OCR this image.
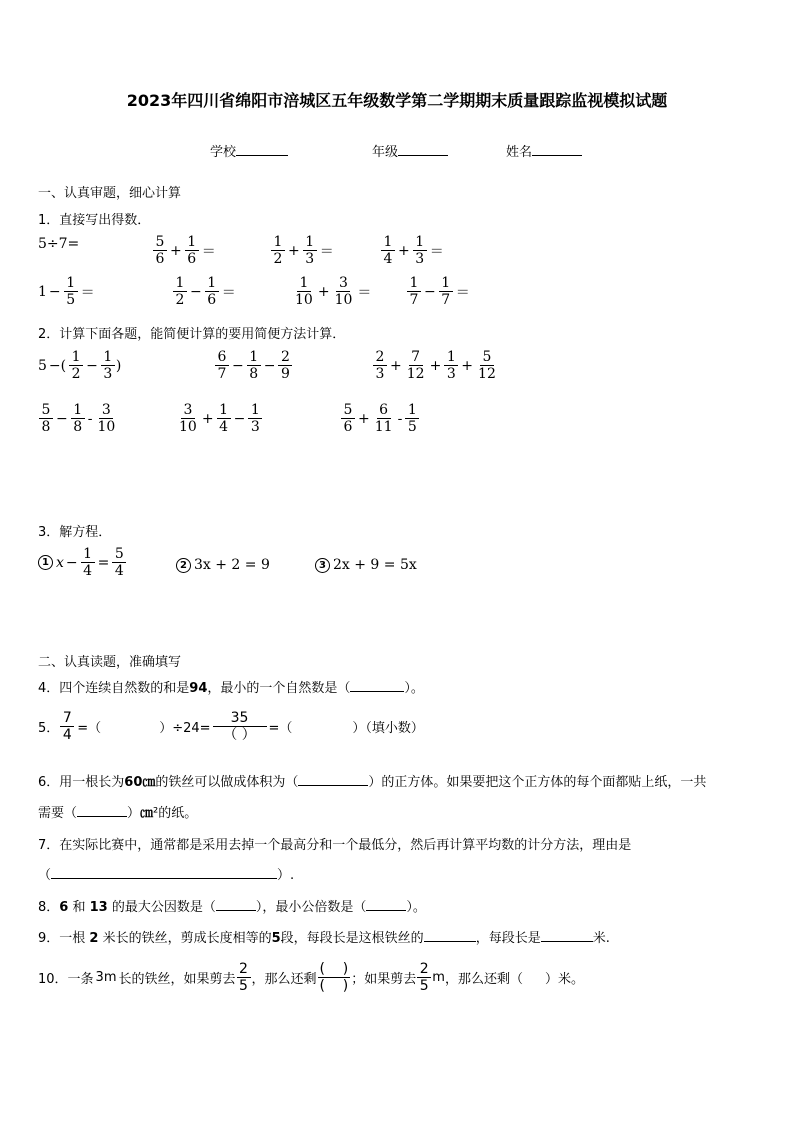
2023年四川省绵阳市涪城区五年级数学第二学期期末质量跟踪监视模拟试题
学校	年级	姓名
一、认真审题，细心计算
1．直接写出得数．
5÷7=	$\frac{5}{6} + \frac{1}{6}$ ＝	$\frac{1}{2} + \frac{1}{3}$ ＝	$\frac{1}{4} + \frac{1}{3}$ ＝
$1 - \frac{1}{5}$ ＝	$\frac{1}{2} - \frac{1}{6}$ ＝	$\frac{1}{10} + \frac{3}{10}$ ＝	$\frac{1}{7} - \frac{1}{7}$ ＝
2．计算下面各题，能简便计算的要用简便方法计算．
5 −( $\frac{1}{2} - \frac{1}{3}$ )	$\frac{6}{7} - \frac{1}{8} - \frac{2}{9}$	$\frac{2}{3} + \frac{7}{12} + \frac{1}{3} + \frac{5}{12}$
$\frac{5}{8} - \frac{1}{8} - \frac{3}{10}$	$\frac{3}{10} + \frac{1}{4} - \frac{1}{3}$	$\frac{5}{6} + \frac{6}{11} - \frac{1}{5}$
3．解方程．
1 $x - \frac{1}{4} = \frac{5}{4}$	2 3x + 2 = 9	3 2x + 9 = 5x
二、认真读题，准确填写
4．四个连续自然数的和是94，最小的一个自然数是（	）。
5． $\frac{7}{4}$ =（	）$\div 24= \frac{35}{( )}$ =（	）（填小数）
6．用一根长为60㎝的铁丝可以做成体积为（	）的正方体。如果要把这个正方体的每个面都贴上纸，一共
需要（	）㎝²的纸。
7．在实际比赛中，通常都是采用去掉一个最高分和一个最低分，然后再计算平均数的计分方法，理由是
（	）.
8．6 和 13 的最大公因数是（	），最小公倍数是（	）。
9．一根 2 米长的铁丝，剪成长度相等的5段，每段长是这根铁丝的	，每段长是	米.
10．一条 3m 长的铁丝，如果剪去 $\frac{2}{5}$ ，那么还剩 $\frac{( )}{( )}$ ；如果剪去 $\frac{2}{5}$ m ，那么还剩（ ）米。
